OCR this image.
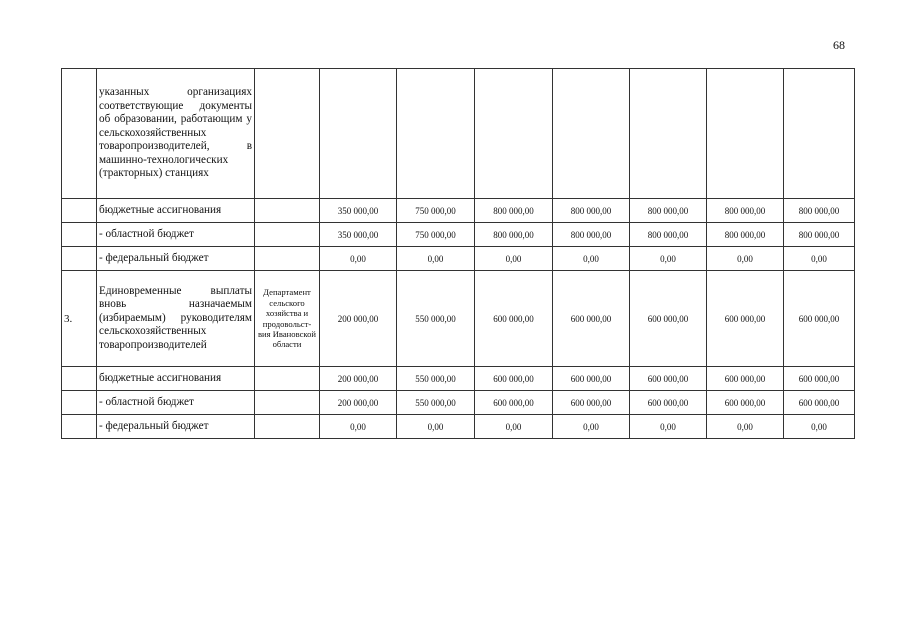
68
	указанных организациях соответствующие документы об образовании, работающим у сельскохозяйственных товаропроизводителей, в машинно-технологических (тракторных) станциях								
	бюджетные ассигнования		350 000,00	750 000,00	800 000,00	800 000,00	800 000,00	800 000,00	800 000,00
	- областной бюджет		350 000,00	750 000,00	800 000,00	800 000,00	800 000,00	800 000,00	800 000,00
	- федеральный бюджет		0,00	0,00	0,00	0,00	0,00	0,00	0,00
3.	Единовременные выплаты вновь назначаемым (избираемым) руководителям сельскохозяйственных товаропроизводителей	Департамент сельского хозяйства и продовольст-вия Ивановской области	200 000,00	550 000,00	600 000,00	600 000,00	600 000,00	600 000,00	600 000,00
	бюджетные ассигнования		200 000,00	550 000,00	600 000,00	600 000,00	600 000,00	600 000,00	600 000,00
	- областной бюджет		200 000,00	550 000,00	600 000,00	600 000,00	600 000,00	600 000,00	600 000,00
	- федеральный бюджет		0,00	0,00	0,00	0,00	0,00	0,00	0,00
